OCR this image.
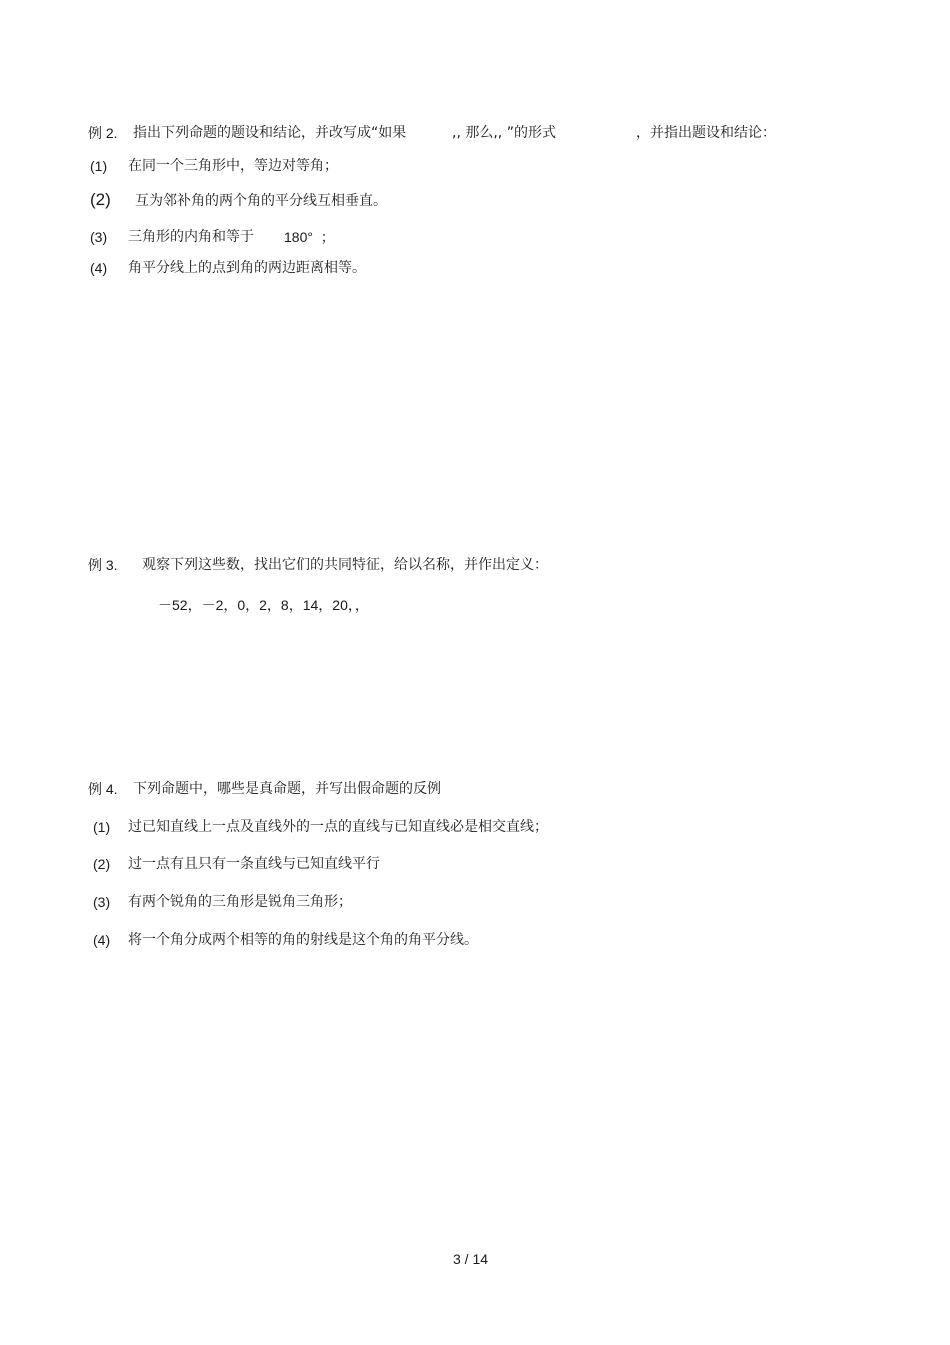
例 2. 指出下列命题的题设和结论，并改写成“如果	,, 那么,, ”的形式	，并指出题设和结论：
(1) 在同一个三角形中，等边对等角；
(2) 互为邻补角的两个角的平分线互相垂直。
(3) 三角形的内角和等于 180°  ；
(4) 角平分线上的点到角的两边距离相等。
例 3. 观察下列这些数，找出它们的共同特征，给以名称，并作出定义：
－52，－2，0，2，8，14，20，，
例 4. 下列命题中，哪些是真命题，并写出假命题的反例
(1) 过已知直线上一点及直线外的一点的直线与已知直线必是相交直线；
(2) 过一点有且只有一条直线与已知直线平行
(3) 有两个锐角的三角形是锐角三角形；
(4) 将一个角分成两个相等的角的射线是这个角的角平分线。
3 / 14
